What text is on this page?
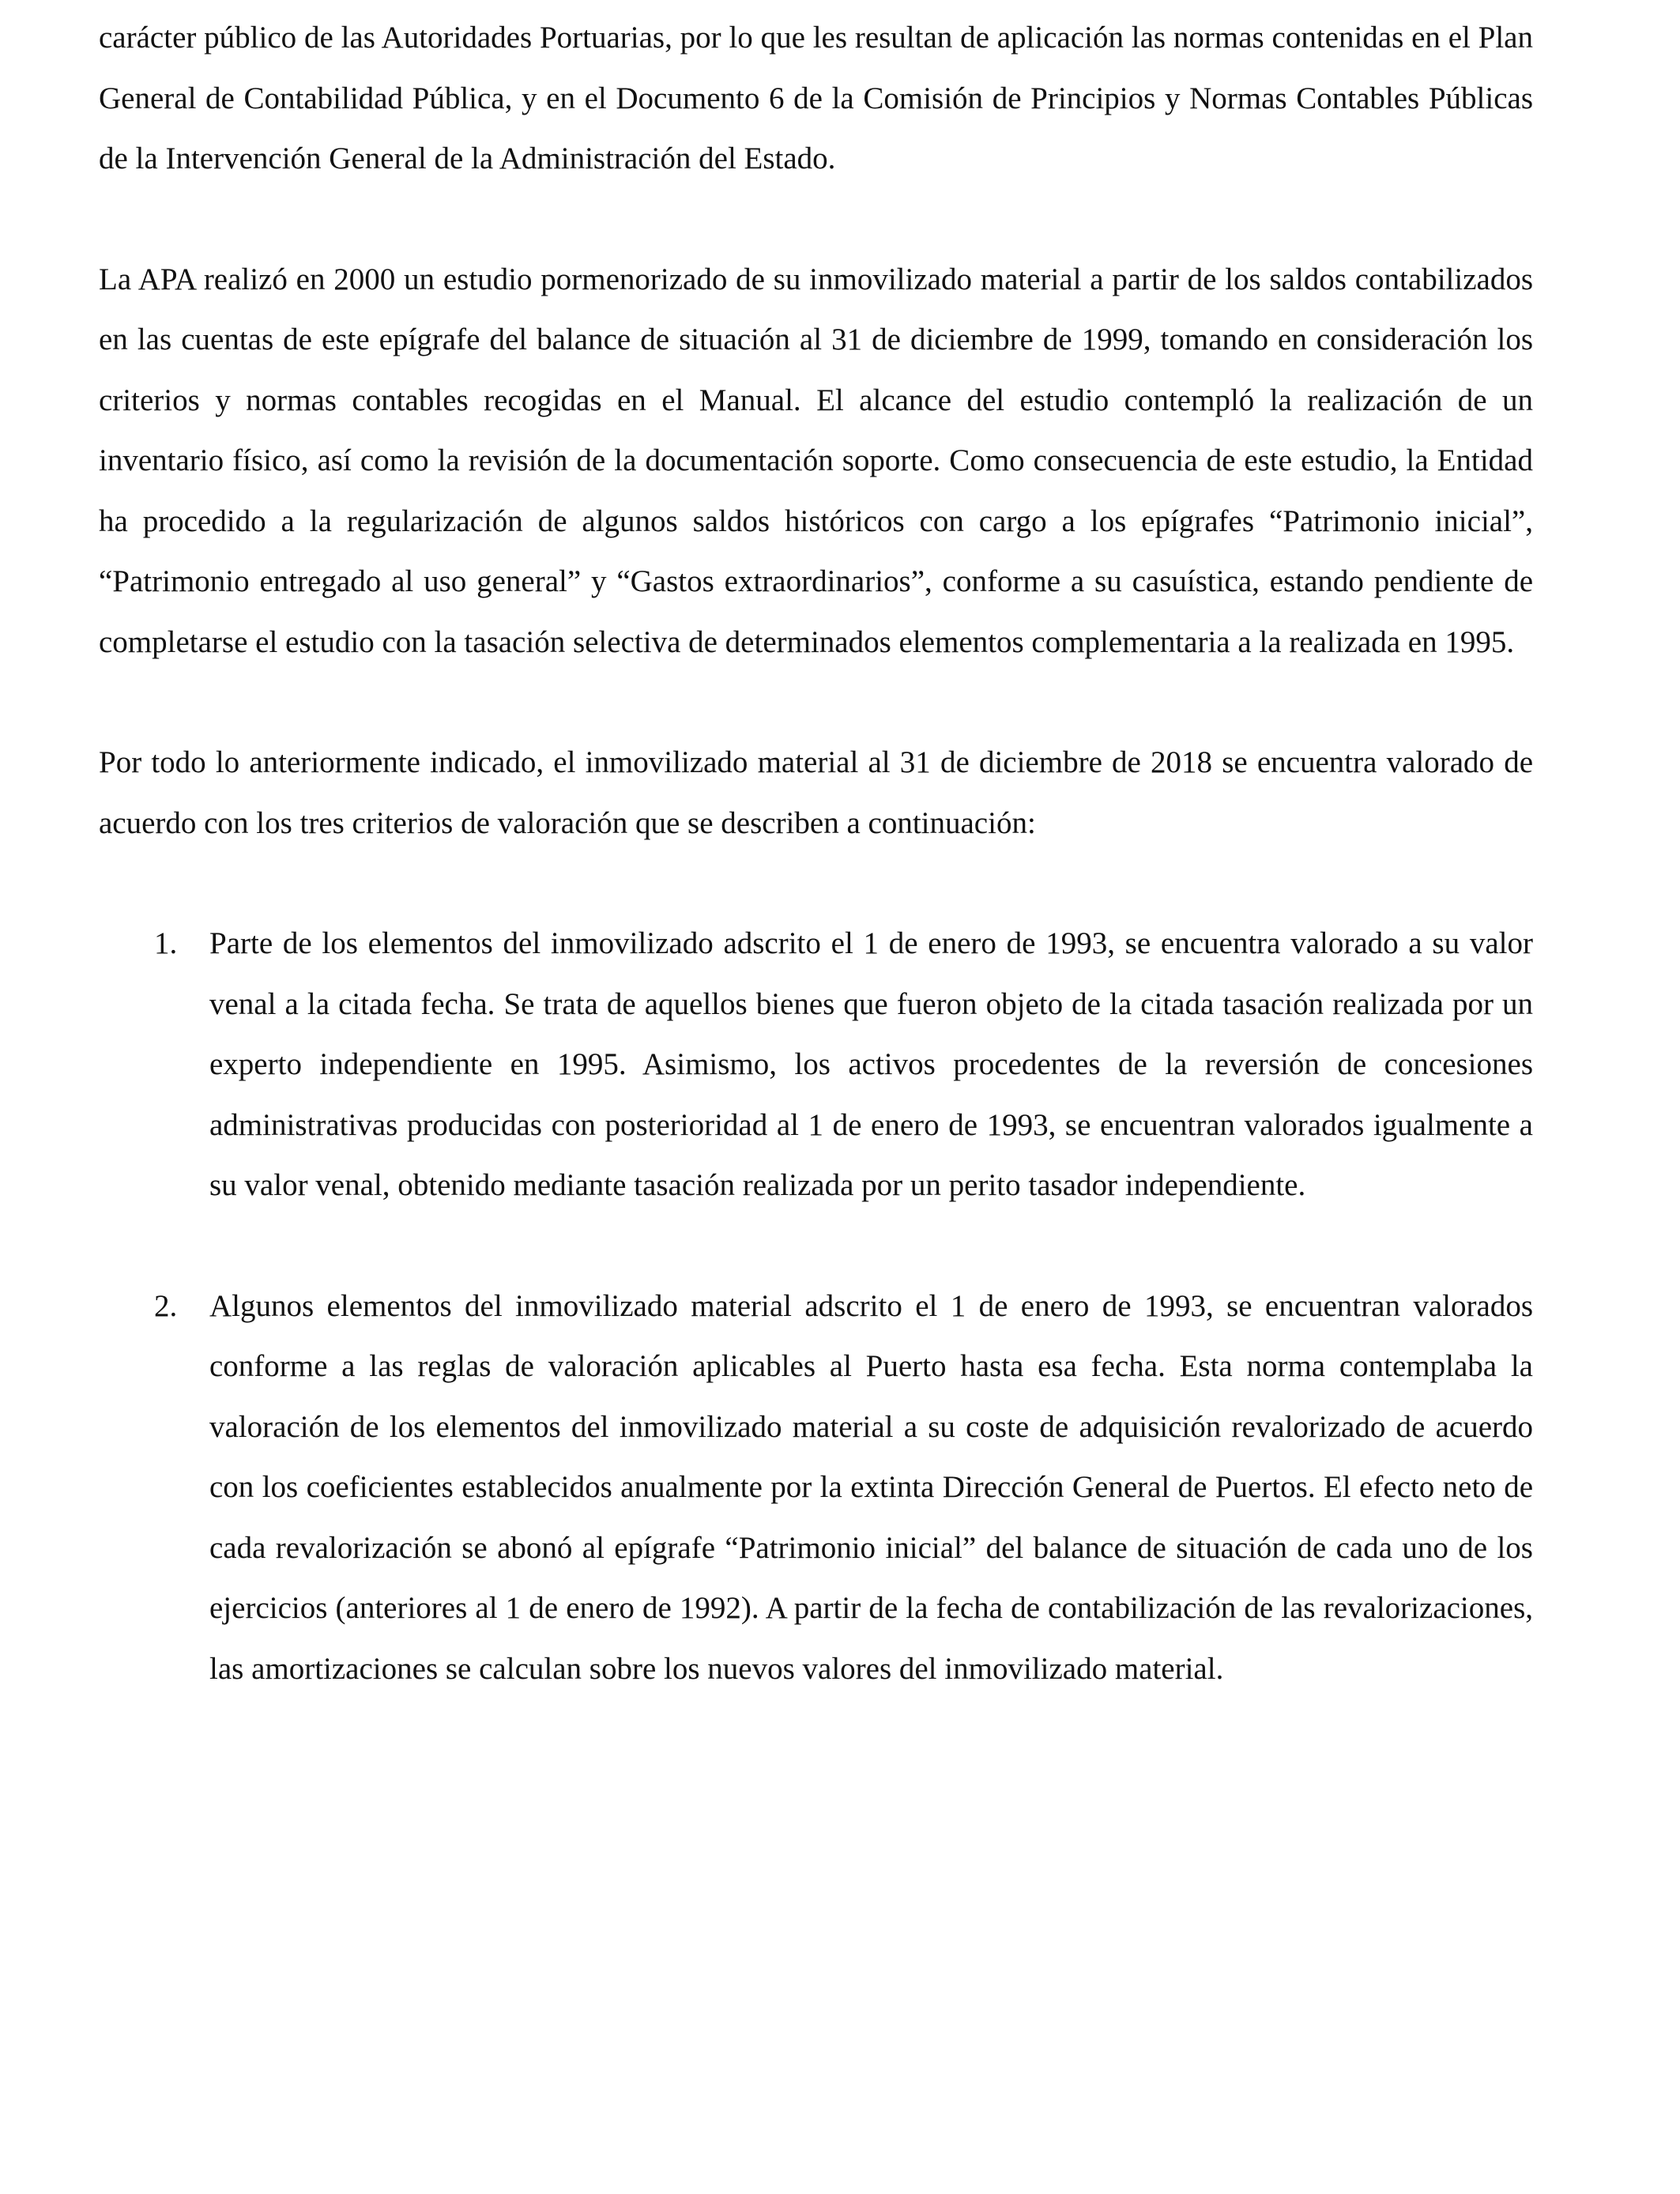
carácter público de las Autoridades Portuarias, por lo que les resultan de aplicación las normas contenidas en el Plan General de Contabilidad Pública, y en el Documento 6 de la Comisión de Principios y Normas Contables Públicas de la Intervención General de la Administración del Estado.

La APA realizó en 2000 un estudio pormenorizado de su inmovilizado material a partir de los saldos contabilizados en las cuentas de este epígrafe del balance de situación al 31 de diciembre de 1999, tomando en consideración los criterios y normas contables recogidas en el Manual. El alcance del estudio contempló la realización de un inventario físico, así como la revisión de la documentación soporte. Como consecuencia de este estudio, la Entidad ha procedido a la regularización de algunos saldos históricos con cargo a los epígrafes “Patrimonio inicial”, “Patrimonio entregado al uso general” y “Gastos extraordinarios”, conforme a su casuística, estando pendiente de completarse el estudio con la tasación selectiva de determinados elementos complementaria a la realizada en 1995.

Por todo lo anteriormente indicado, el inmovilizado material al 31 de diciembre de 2018 se encuentra valorado de acuerdo con los tres criterios de valoración que se describen a continuación:

1. Parte de los elementos del inmovilizado adscrito el 1 de enero de 1993, se encuentra valorado a su valor venal a la citada fecha. Se trata de aquellos bienes que fueron objeto de la citada tasación realizada por un experto independiente en 1995. Asimismo, los activos procedentes de la reversión de concesiones administrativas producidas con posterioridad al 1 de enero de 1993, se encuentran valorados igualmente a su valor venal, obtenido mediante tasación realizada por un perito tasador independiente.
2. Algunos elementos del inmovilizado material adscrito el 1 de enero de 1993, se encuentran valorados conforme a las reglas de valoración aplicables al Puerto hasta esa fecha. Esta norma contemplaba la valoración de los elementos del inmovilizado material a su coste de adquisición revalorizado de acuerdo con los coeficientes establecidos anualmente por la extinta Dirección General de Puertos. El efecto neto de cada revalorización se abonó al epígrafe “Patrimonio inicial” del balance de situación de cada uno de los ejercicios (anteriores al 1 de enero de 1992). A partir de la fecha de contabilización de las revalorizaciones, las amortizaciones se calculan sobre los nuevos valores del inmovilizado material.
